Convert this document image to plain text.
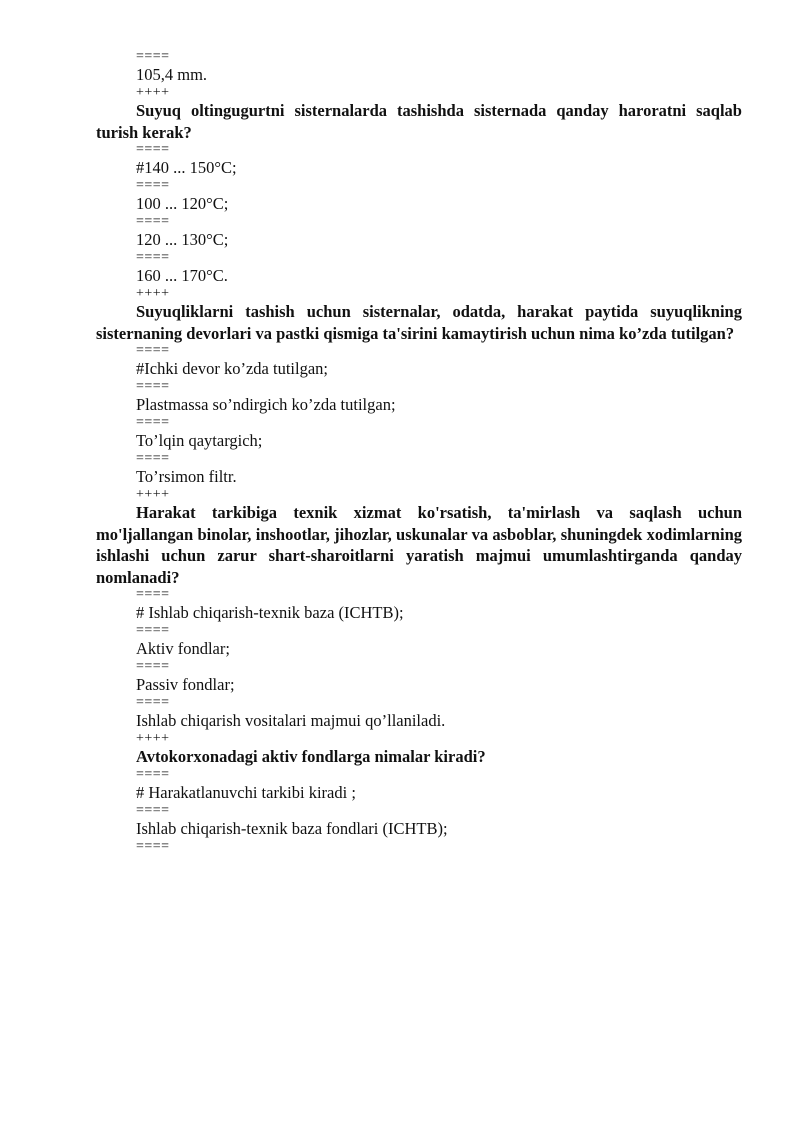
====
105,4 mm.
++++
Suyuq oltingugurtni sisternalarda tashishda sisternada qanday haroratni saqlab turish kerak?
====
#140 ... 150°C;
====
100 ... 120°C;
====
120 ... 130°C;
====
160 ... 170°C.
++++
Suyuqliklarni tashish uchun sisternalar, odatda, harakat paytida suyuqlikning sisternaning devorlari va pastki qismiga ta'sirini kamaytirish uchun nima ko’zda tutilgan?
====
#Ichki devor ko’zda tutilgan;
====
Plastmassa so’ndirgich ko’zda tutilgan;
====
To’lqin qaytargich;
====
To’rsimon filtr.
++++
Harakat tarkibiga texnik xizmat ko'rsatish, ta'mirlash va saqlash uchun mo'ljallangan binolar, inshootlar, jihozlar, uskunalar va asboblar, shuningdek xodimlarning ishlashi uchun zarur shart-sharoitlarni yaratish majmui umumlashtirganda qanday nomlanadi?
====
# Ishlab chiqarish-texnik baza (ICHTB);
====
Aktiv fondlar;
====
Passiv fondlar;
====
Ishlab chiqarish vositalari majmui qo’llaniladi.
++++
Avtokorxonadagi aktiv fondlarga nimalar kiradi?
====
# Harakatlanuvchi tarkibi kiradi ;
====
Ishlab chiqarish-texnik baza fondlari (ICHTB);
====
